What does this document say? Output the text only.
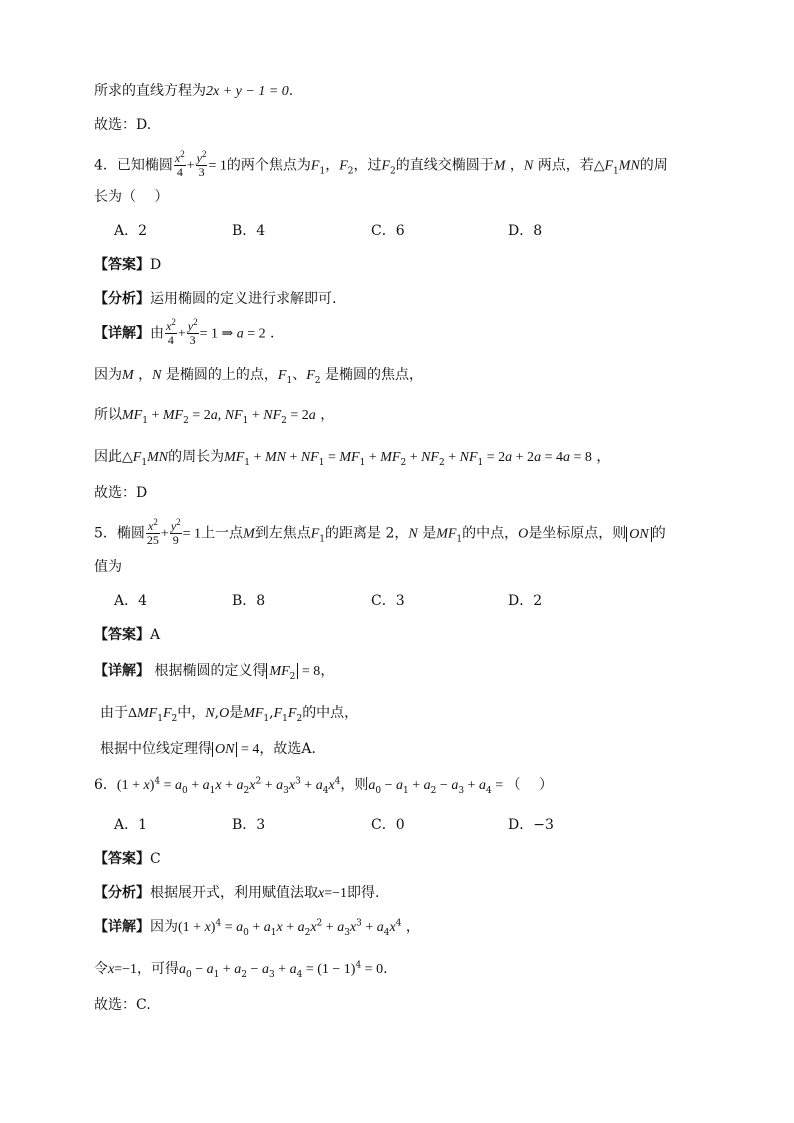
所求的直线方程为2x + y − 1 = 0.
故选：D.
4．已知椭圆 $\frac{x^2}{4} + \frac{y^2}{3} = 1$的两个焦点为$F_1$，$F_2$，过$F_2$的直线交椭圆于M ，N 两点，若$\triangle F_1MN$的周
长为（　 ）
A．2	B．4	C．6	D．8
【答案】D
【分析】运用椭圆的定义进行求解即可.
【详解】由 $\frac{x^2}{4} + \frac{y^2}{3} = 1$ ⇒ a = 2 .
因为M ，N 是椭圆的上的点，$F_1$、$F_2$ 是椭圆的焦点，
所以$MF_1 + MF_2 = 2a$, $NF_1 + NF_2 = 2a$ ，
因此$\triangle F_1MN$的周长为$MF_1$ + MN + $NF_1 = MF_1 + MF_2 + NF_2 + NF_1 = 2a + 2a = 4a = 8$ ，
故选：D
5．椭圆 $\frac{x^2}{25} + \frac{y^2}{9} = 1$上一点M到左焦点$F_1$的距离是 2，N 是$MF_1$的中点，O是坐标原点，则 ON 的
值为
A．4	B．8	C．3	D．2
【答案】A
【详解】 根据椭圆的定义得 $MF_2 = 8$，
由于$\Delta MF_1F_2$中，N,O是$MF_1,F_1F_2$的中点，
根据中位线定理得 ON = 4，故选A．
6．$(1 + x)^4 = a_0 + a_1x + a_2x^2 + a_3x^3 + a_4x^4$，则$a_0 - a_1 + a_2 - a_3 + a_4$ = （　 ）
A．1	B．3	C．0	D．−3
【答案】C
【分析】根据展开式，利用赋值法取x=−1即得.
【详解】因为$(1 + x)^4 = a_0 + a_1x + a_2x^2 + a_3x^3 + a_4x^4$ ，
令x=−1，可得$a_0 - a_1 + a_2 - a_3 + a_4 = (1 - 1)^4 = 0$.
故选：C.
